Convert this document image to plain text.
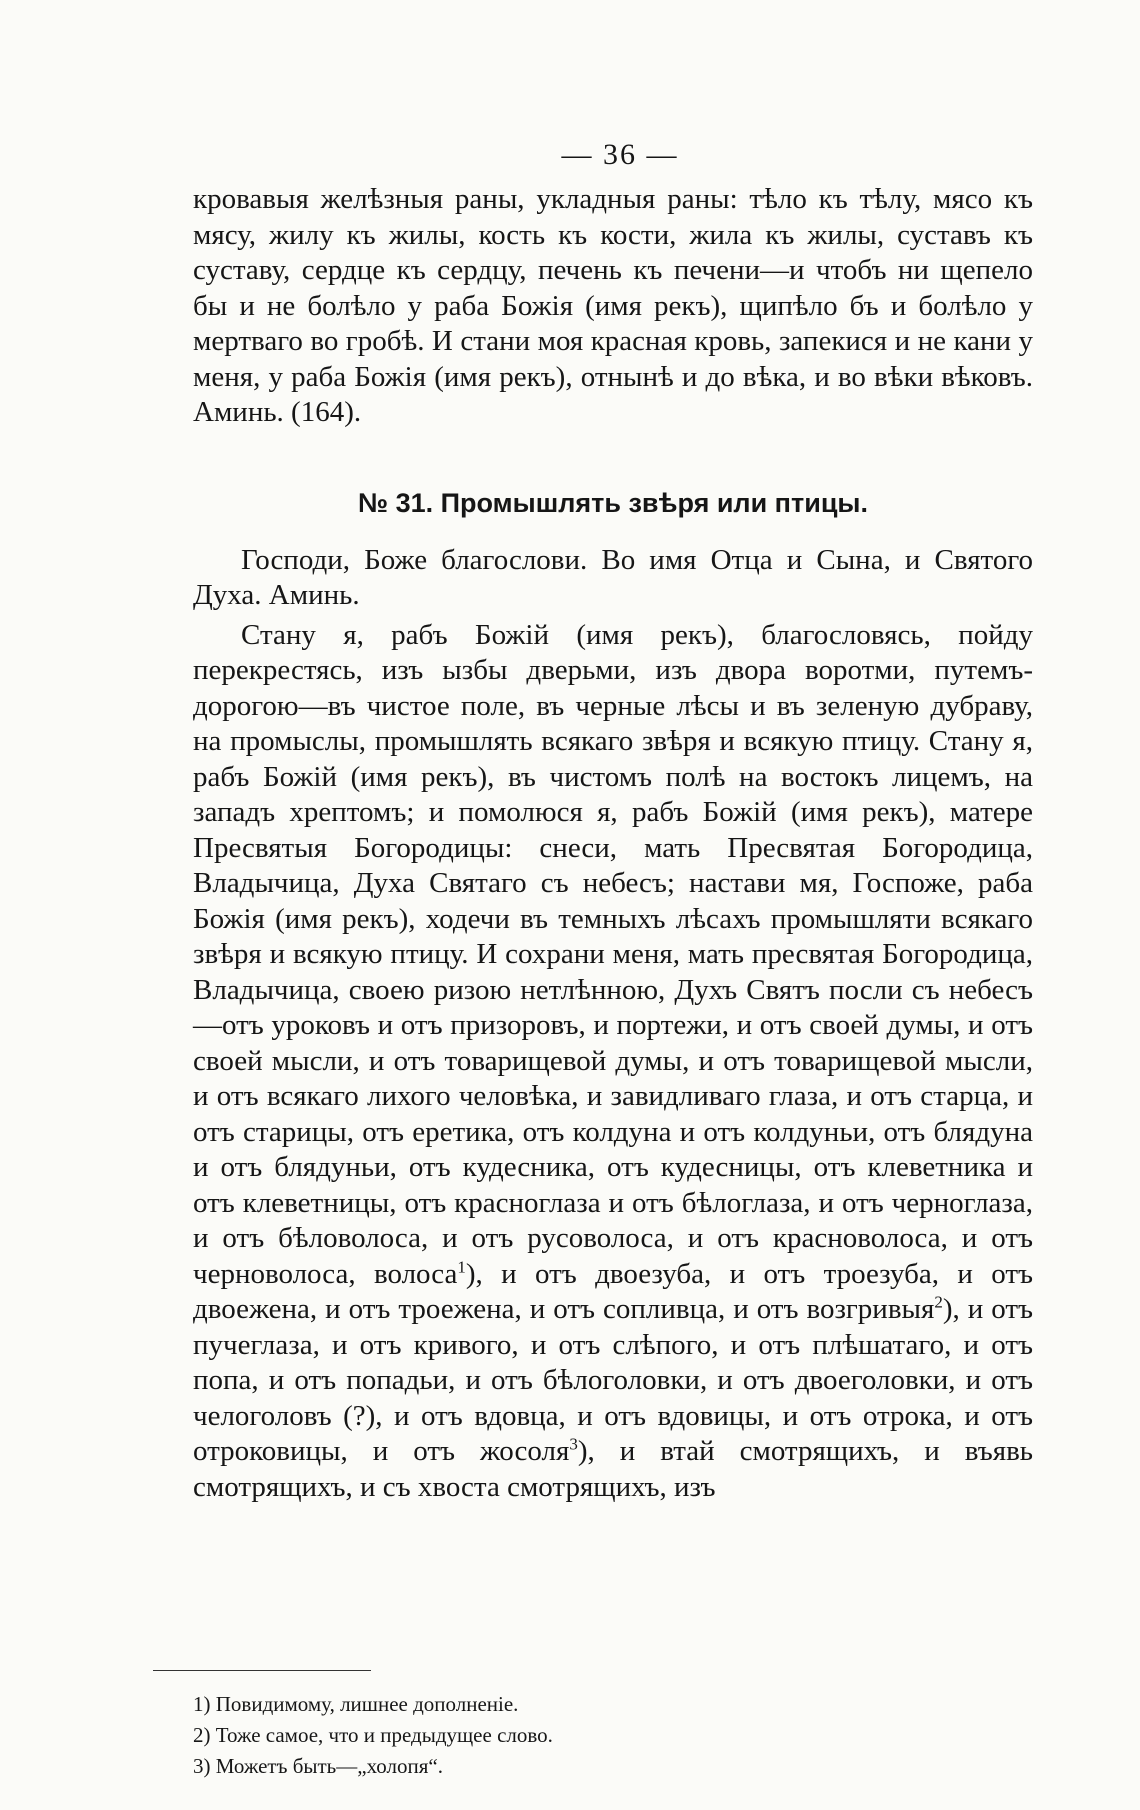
— 36 —

кровавыя желѣзныя раны, укладныя раны: тѣло къ тѣлу, мясо къ мясу, жилу къ жилы, кость къ кости, жила къ жилы, суставъ къ суставу, сердце къ сердцу, печень къ печени—и чтобъ ни щепело бы и не болѣло у раба Божія (имя рекъ), щипѣло бъ и болѣло у мертваго во гробѣ. И стани моя красная кровь, запекися и не кани у меня, у раба Божія (имя рекъ), отнынѣ и до вѣка, и во вѣки вѣковъ. Аминь. (164).

№ 31. Промышлять звѣря или птицы.

Господи, Боже благослови. Во имя Отца и Сына, и Святого Духа. Аминь.

Стану я, рабъ Божій (имя рекъ), благословясь, пойду перекрестясь, изъ ызбы дверьми, изъ двора воротми, путемъ-дорогою—въ чистое поле, въ черные лѣсы и въ зеленую дубраву, на промыслы, промышлять всякаго звѣря и всякую птицу. Стану я, рабъ Божій (имя рекъ), въ чистомъ полѣ на востокъ лицемъ, на западъ хрептомъ; и помолюся я, рабъ Божій (имя рекъ), матере Пресвятыя Богородицы: снеси, мать Пресвятая Богородица, Владычица, Духа Святаго съ небесъ; настави мя, Госпоже, раба Божія (имя рекъ), ходечи въ темныхъ лѣсахъ промышляти всякаго звѣря и всякую птицу. И сохрани меня, мать пресвятая Богородица, Владычица, своею ризою нетлѣнною, Духъ Святъ посли съ небесъ—отъ уроковъ и отъ призоровъ, и портежи, и отъ своей думы, и отъ своей мысли, и отъ товарищевой думы, и отъ товарищевой мысли, и отъ всякаго лихого человѣка, и завидливаго глаза, и отъ старца, и отъ старицы, отъ еретика, отъ колдуна и отъ колдуньи, отъ блядуна и отъ блядуньи, отъ кудесника, отъ кудесницы, отъ клеветника и отъ клеветницы, отъ красноглаза и отъ бѣлоглаза, и отъ черноглаза, и отъ бѣловолоса, и отъ русоволоса, и отъ красноволоса, и отъ черноволоса, волоса$^1$), и отъ двоезуба, и отъ троезуба, и отъ двоежена, и отъ троежена, и отъ сопливца, и отъ возгривыя$^2$), и отъ пучеглаза, и отъ кривого, и отъ слѣпого, и отъ плѣшатаго, и отъ попа, и отъ попадьи, и отъ бѣлоголовки, и отъ двоеголовки, и отъ челоголовъ (?), и отъ вдовца, и отъ вдовицы, и отъ отрока, и отъ отроковицы, и отъ жосоля$^3$), и втай смотрящихъ, и въявь смотрящихъ, и съ хвоста смотрящихъ, изъ

1) Повидимому, лишнее дополненіе.

2) Тоже самое, что и предыдущее слово.

3) Можетъ быть—„холопя“.
